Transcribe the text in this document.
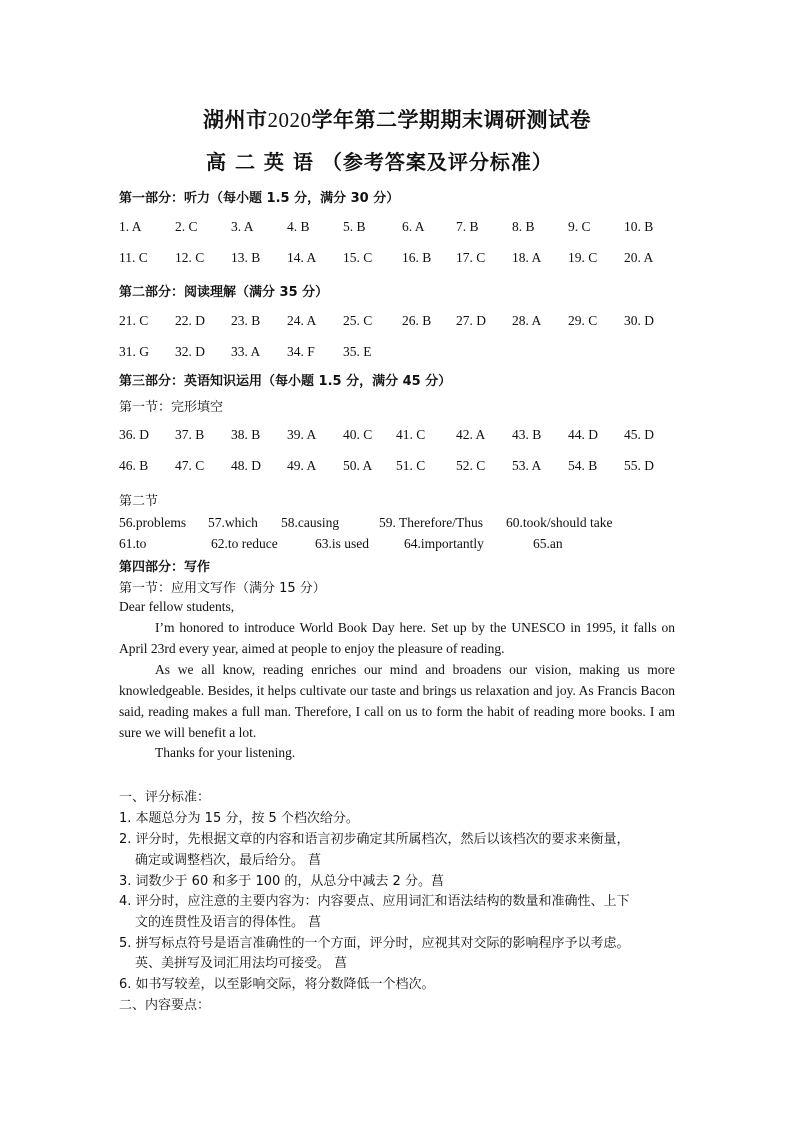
湖州市2020学年第二学期期末调研测试卷
高 二 英 语 （参考答案及评分标准）
第一部分：听力（每小题 1.5 分，满分 30 分）
1. A 2. C 3. A 4. B 5. B	6. A 7. B 8. B 9. C 10. B
11. C 12. C 13. B 14. A 15. C 16. B 17. C 18. A 19. C 20. A
第二部分：阅读理解（满分 35 分）
21. C 22. D 23. B 24. A 25. C 26. B 27. D 28. A 29. C 30. D
31. G 32. D 33. A 34. F 35. E
第三部分：英语知识运用（每小题 1.5 分，满分 45 分）
第一节：完形填空
36. D 37. B 38. B 39. A 40. C 41. C 42. A 43. B 44. D 45. D
46. B 47. C 48. D 49. A 50. A 51. C 52. C 53. A 54. B 55. D
第二节
56.problems 57.which 58.causing	59. Therefore/Thus 60.took/should take
61.to	62.to reduce	63.is used	64.importantly	65.an
第四部分：写作
第一节：应用文写作（满分 15 分）
Dear fellow students,
I’m honored to introduce World Book Day here. Set up by the UNESCO in 1995, it falls on April 23rd every year, aimed at people to enjoy the pleasure of reading.
As we all know, reading enriches our mind and broadens our vision, making us more knowledgeable. Besides, it helps cultivate our taste and brings us relaxation and joy. As Francis Bacon said, reading makes a full man. Therefore, I call on us to form the habit of reading more books. I am sure we will benefit a lot.
Thanks for your listening.
一、评分标准：
1. 本题总分为 15 分，按 5 个档次给分。
2. 评分时，先根据文章的内容和语言初步确定其所属档次，然后以该档次的要求来衡量，
确定或调整档次，最后给分。 菖
3. 词数少于 60 和多于 100 的，从总分中减去 2 分。菖
4. 评分时，应注意的主要内容为：内容要点、应用词汇和语法结构的数量和准确性、上下
文的连贯性及语言的得体性。 菖
5. 拼写标点符号是语言准确性的一个方面，评分时，应视其对交际的影响程序予以考虑。
英、美拼写及词汇用法均可接受。 菖
6. 如书写较差，以至影响交际，将分数降低一个档次。
二、内容要点：
